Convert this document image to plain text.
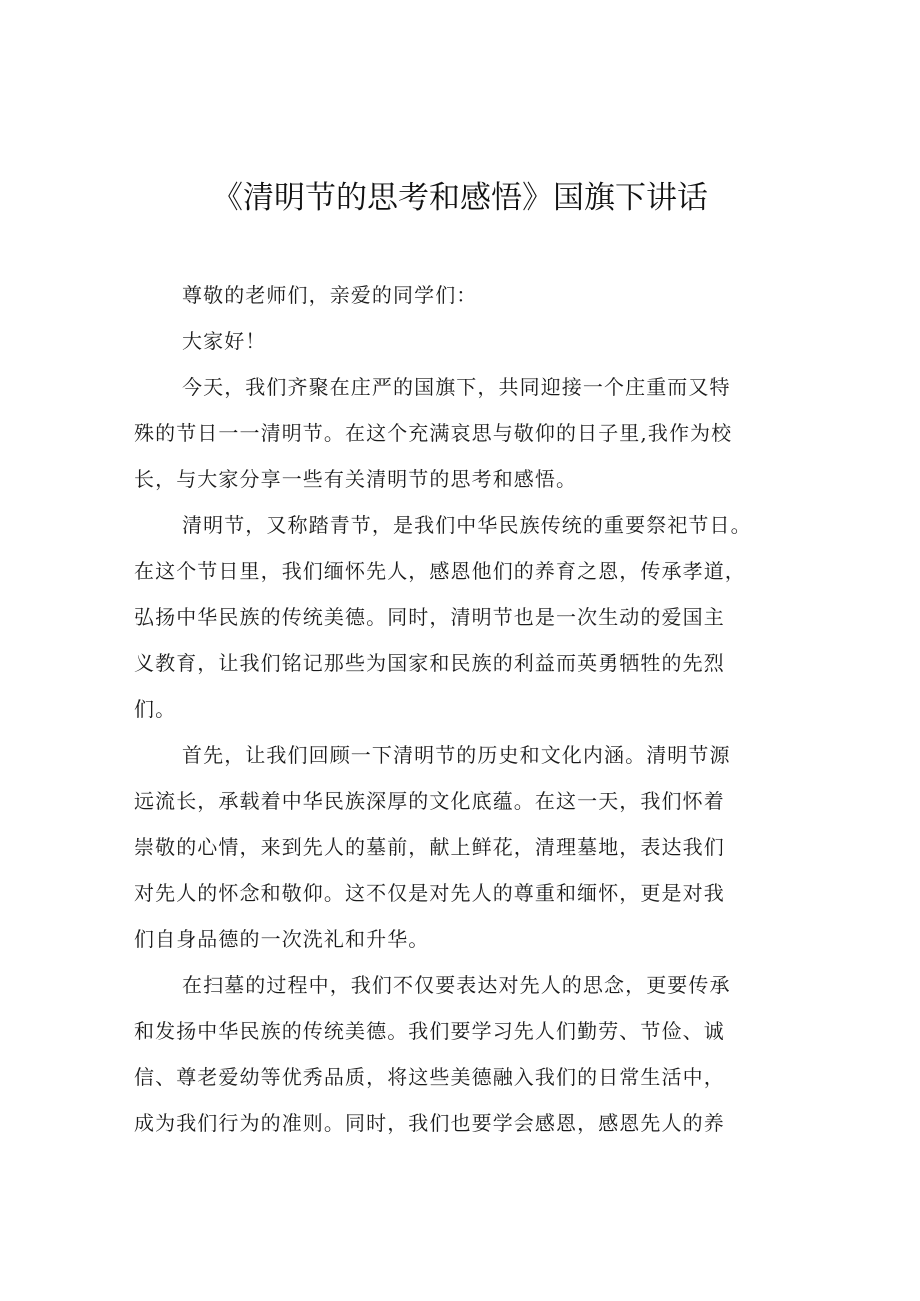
《清明节的思考和感悟》国旗下讲话
尊敬的老师们，亲爱的同学们：
大家好！
今天，我们齐聚在庄严的国旗下，共同迎接一个庄重而又特
殊的节日一一清明节。在这个充满哀思与敬仰的日子里,我作为校
长，与大家分享一些有关清明节的思考和感悟。
清明节，又称踏青节，是我们中华民族传统的重要祭祀节日。
在这个节日里，我们缅怀先人，感恩他们的养育之恩，传承孝道，
弘扬中华民族的传统美德。同时，清明节也是一次生动的爱国主
义教育，让我们铭记那些为国家和民族的利益而英勇牺牲的先烈
们。
首先，让我们回顾一下清明节的历史和文化内涵。清明节源
远流长，承载着中华民族深厚的文化底蕴。在这一天，我们怀着
崇敬的心情，来到先人的墓前，献上鲜花，清理墓地，表达我们
对先人的怀念和敬仰。这不仅是对先人的尊重和缅怀，更是对我
们自身品德的一次洗礼和升华。
在扫墓的过程中，我们不仅要表达对先人的思念，更要传承
和发扬中华民族的传统美德。我们要学习先人们勤劳、节俭、诚
信、尊老爱幼等优秀品质，将这些美德融入我们的日常生活中，
成为我们行为的准则。同时，我们也要学会感恩，感恩先人的养
